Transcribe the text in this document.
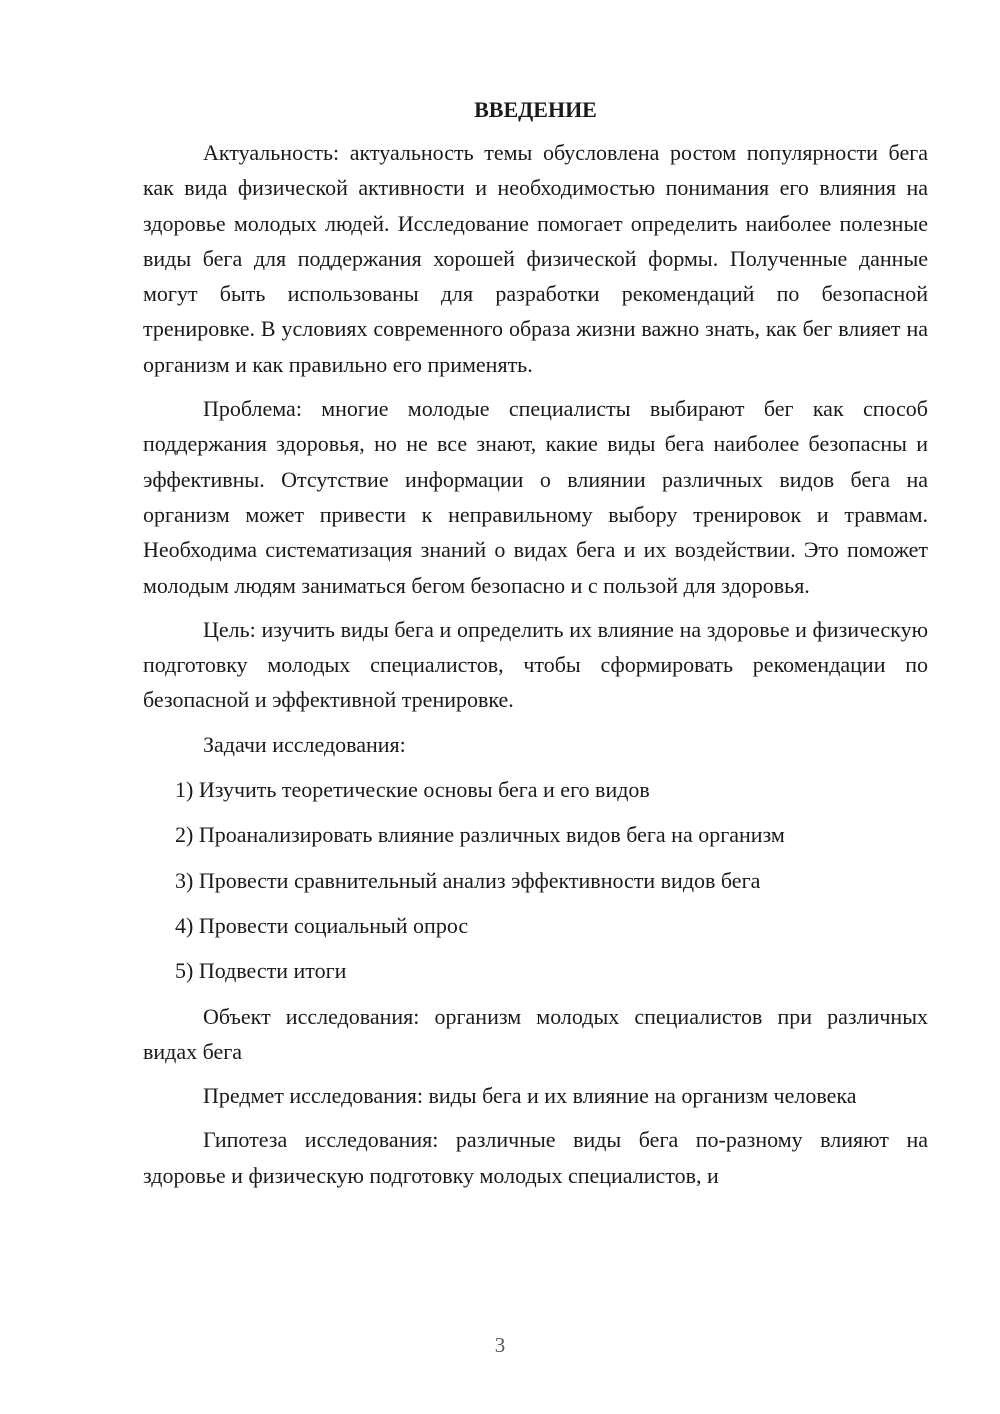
ВВЕДЕНИЕ

Актуальность: актуальность темы обусловлена ростом популярности бега как вида физической активности и необходимостью понимания его влияния на здоровье молодых людей. Исследование помогает определить наиболее полезные виды бега для поддержания хорошей физической формы. Полученные данные могут быть использованы для разработки рекомендаций по безопасной тренировке. В условиях современного образа жизни важно знать, как бег влияет на организм и как правильно его применять.

Проблема: многие молодые специалисты выбирают бег как способ поддержания здоровья, но не все знают, какие виды бега наиболее безопасны и эффективны. Отсутствие информации о влиянии различных видов бега на организм может привести к неправильному выбору тренировок и травмам. Необходима систематизация знаний о видах бега и их воздействии. Это поможет молодым людям заниматься бегом безопасно и с пользой для здоровья.

Цель: изучить виды бега и определить их влияние на здоровье и физическую подготовку молодых специалистов, чтобы сформировать рекомендации по безопасной и эффективной тренировке.

Задачи исследования:
1) Изучить теоретические основы бега и его видов
2) Проанализировать влияние различных видов бега на организм
3) Провести сравнительный анализ эффективности видов бега
4) Провести социальный опрос
5) Подвести итоги

Объект исследования: организм молодых специалистов при различных видах бега

Предмет исследования: виды бега и их влияние на организм человека

Гипотеза исследования: различные виды бега по-разному влияют на здоровье и физическую подготовку молодых специалистов, и

3
